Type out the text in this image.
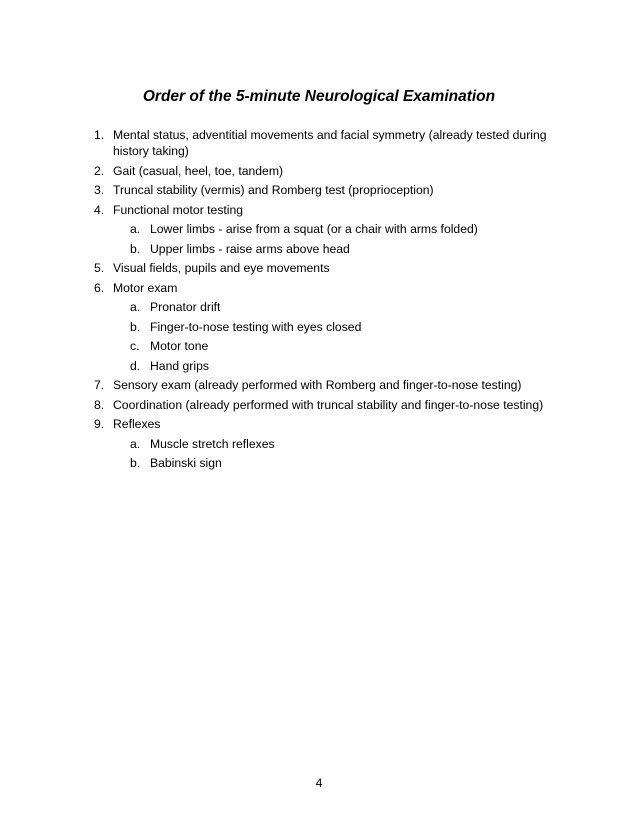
Order of the 5-minute Neurological Examination
1. Mental status, adventitial movements and facial symmetry (already tested during history taking)
2. Gait (casual, heel, toe, tandem)
3. Truncal stability (vermis) and Romberg test (proprioception)
4. Functional motor testing
a. Lower limbs - arise from a squat (or a chair with arms folded)
b. Upper limbs - raise arms above head
5. Visual fields, pupils and eye movements
6. Motor exam
a. Pronator drift
b. Finger-to-nose testing with eyes closed
c. Motor tone
d. Hand grips
7. Sensory exam (already performed with Romberg and finger-to-nose testing)
8. Coordination (already performed with truncal stability and finger-to-nose testing)
9. Reflexes
a. Muscle stretch reflexes
b. Babinski sign
4
